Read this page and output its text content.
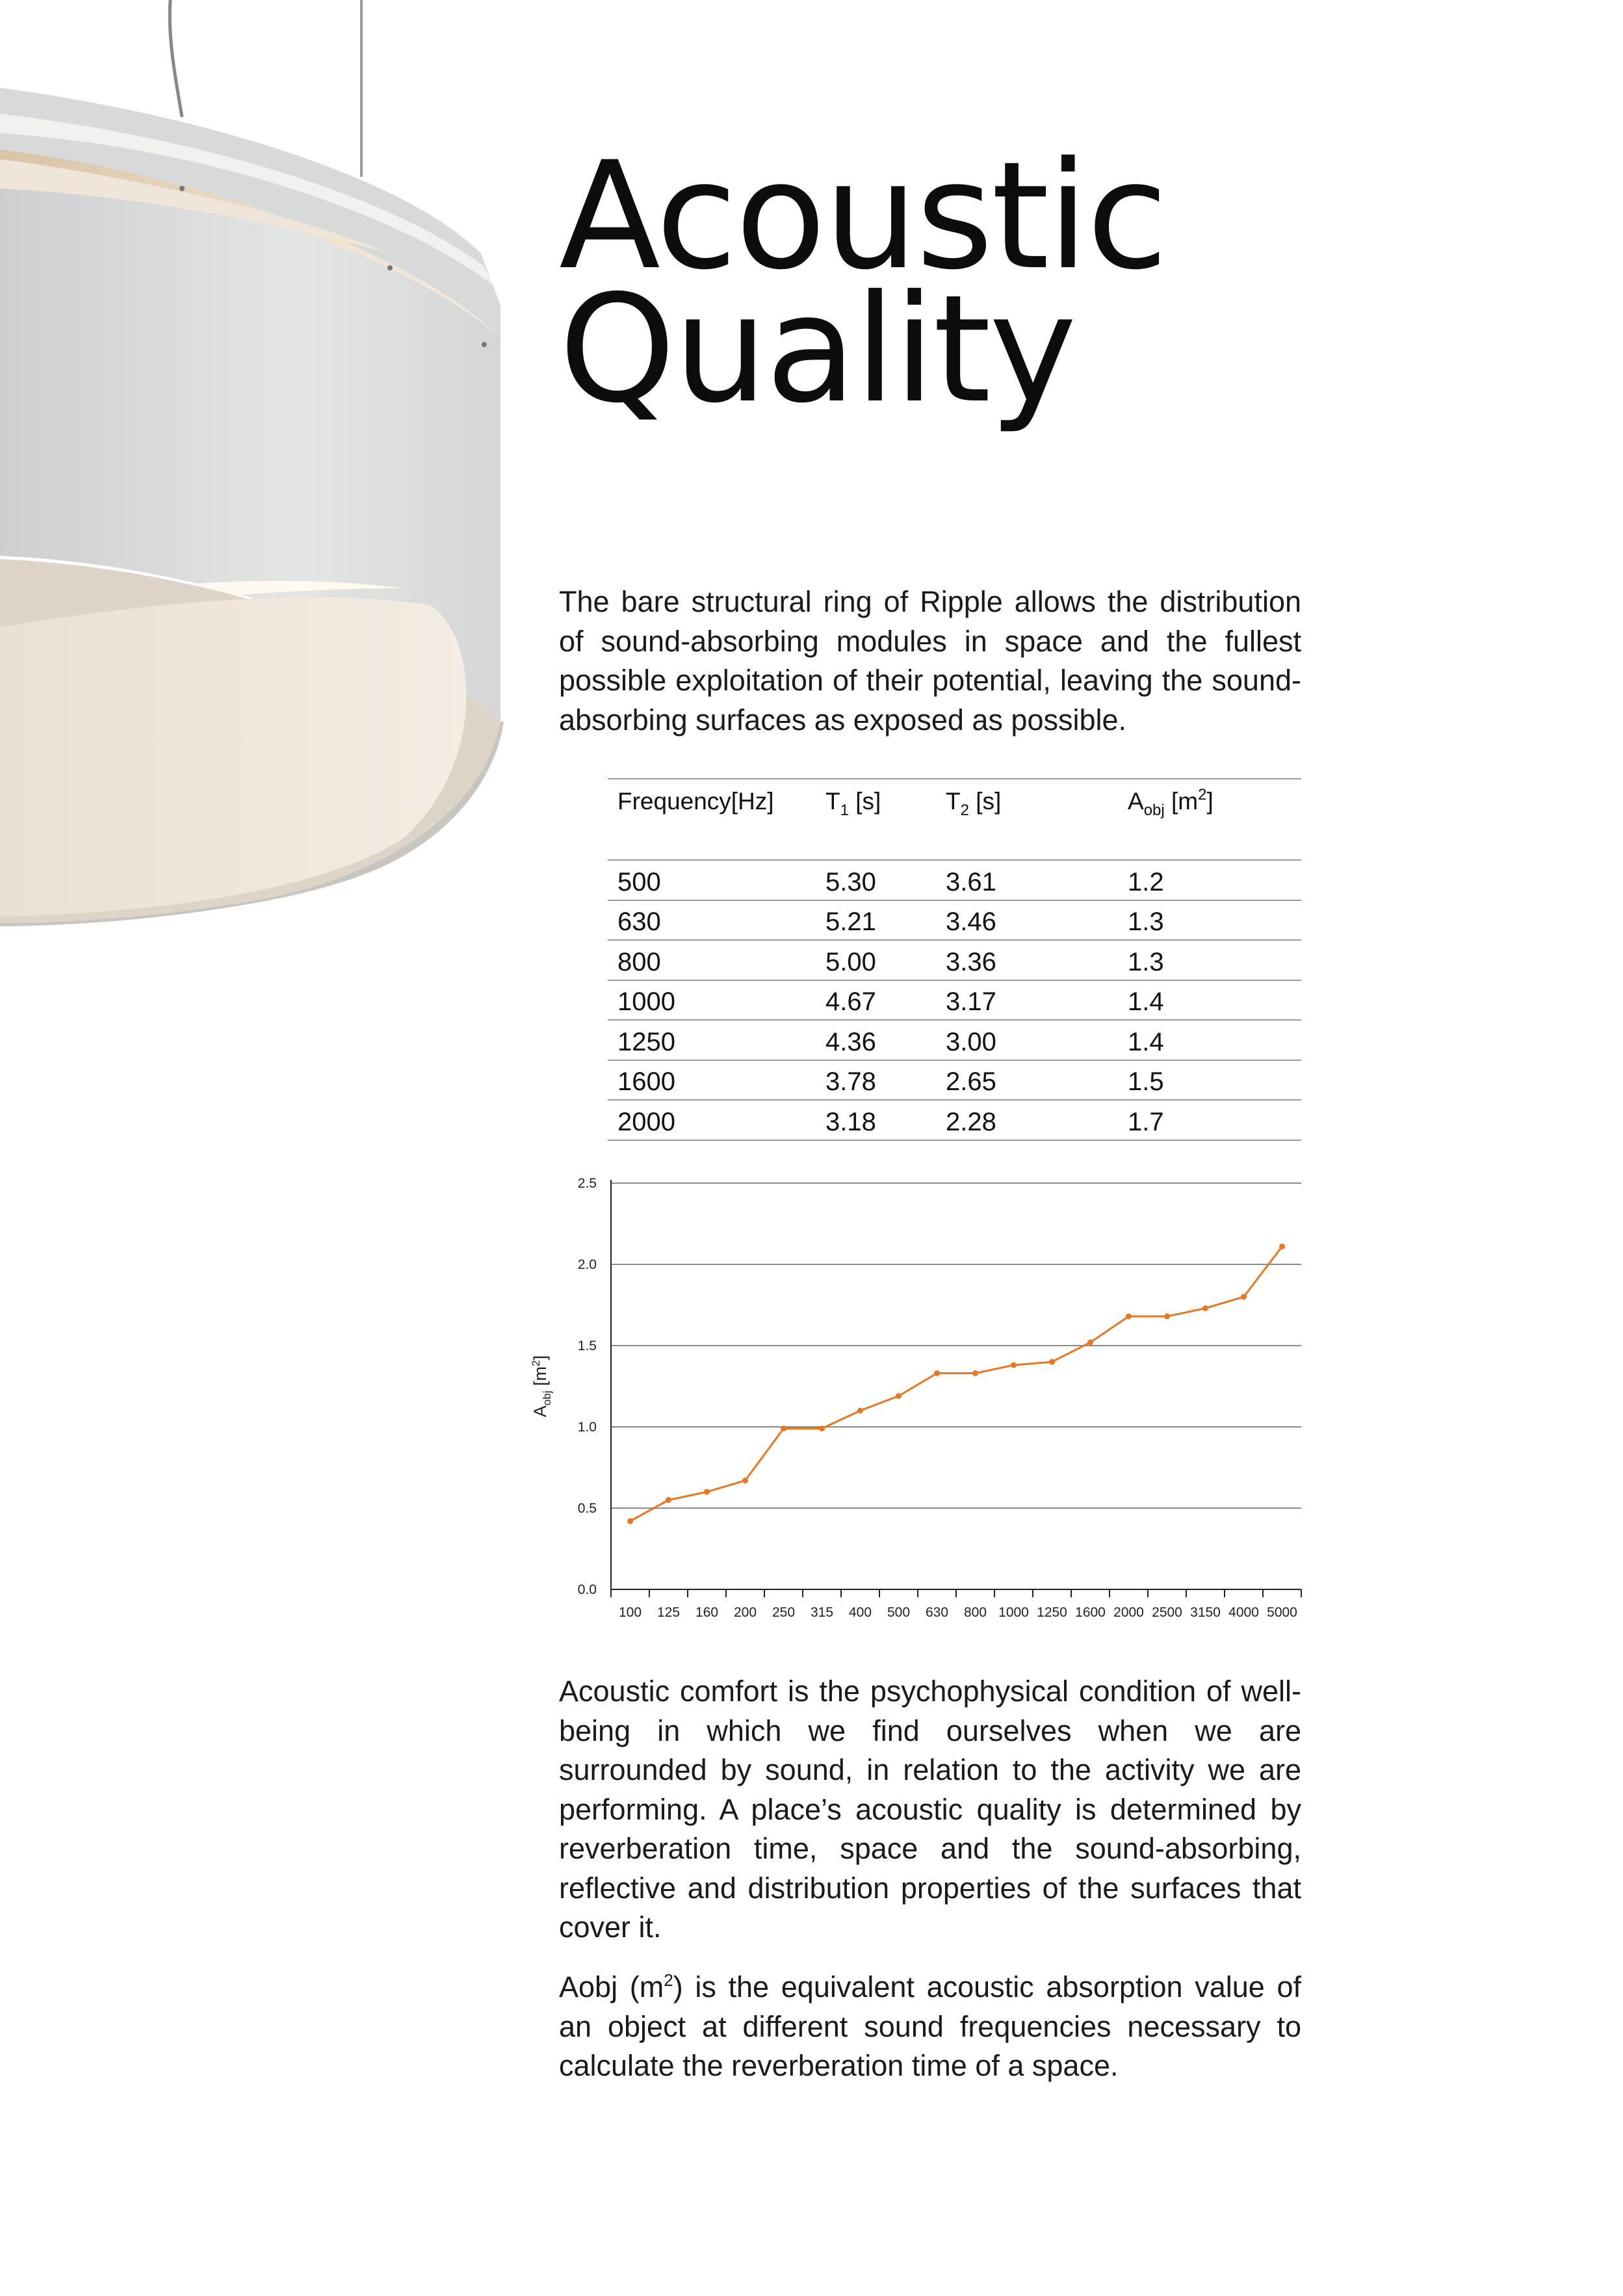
Acoustic
Quality

The bare structural ring of Ripple allows the distribution of sound-absorbing modules in space and the fullest possible exploitation of their potential, leaving the sound-absorbing surfaces as exposed as possible.

Frequency[Hz]	$T_1$ [s]	$T_2$ [s]	$A_{obj}$ $[m^2]$
500	5.30	3.61	1.2
630	5.21	3.46	1.3
800	5.00	3.36	1.3
1000	4.67	3.17	1.4
1250	4.36	3.00	1.4
1600	3.78	2.65	1.5
2000	3.18	2.28	1.7
0.0
0.5
1.0
1.5
2.0
2.5
100 125 160 200 250 315 400 500 630 800 1000 1250 1600 2000 2500 3150 4000 5000
$A_{obj}$ $[m^2]$

Acoustic comfort is the psychophysical condition of well-being in which we find ourselves when we are surrounded by sound, in relation to the activity we are performing. A place’s acoustic quality is determined by reverberation time, space and the sound-absorbing, reflective and distribution properties of the surfaces that cover it.

Aobj $(m^2)$ is the equivalent acoustic absorption value of an object at different sound frequencies necessary to calculate the reverberation time of a space.
